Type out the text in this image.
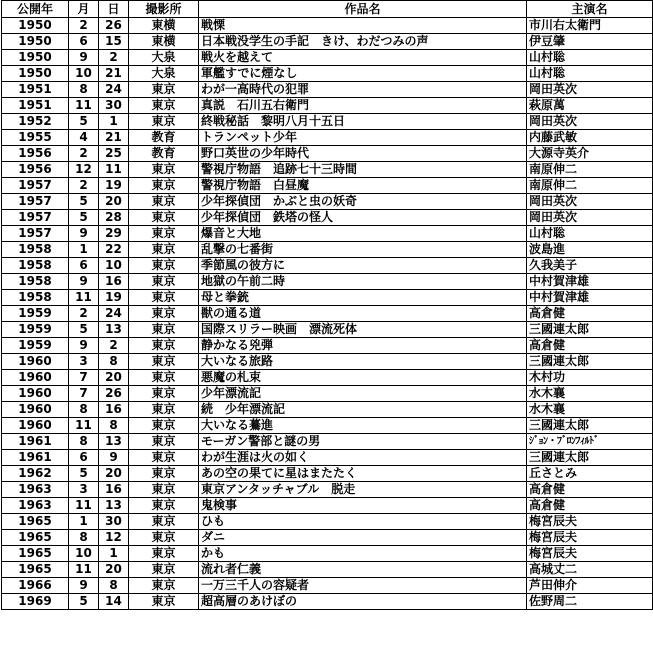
公開年	月	日	撮影所	作品名	主演名
1950	2	26	東横	戦慄	市川右太衛門
1950	6	15	東横	日本戦没学生の手記　きけ、わだつみの声	伊豆肇
1950	9	2	大泉	戦火を越えて	山村聡
1950	10	21	大泉	軍艦すでに煙なし	山村聡
1951	8	24	東京	わが一高時代の犯罪	岡田英次
1951	11	30	東京	真説　石川五右衛門	萩原萬
1952	5	1	東京	終戦秘話　黎明八月十五日	岡田英次
1955	4	21	教育	トランペット少年	内藤武敏
1956	2	25	教育	野口英世の少年時代	大源寺英介
1956	12	11	東京	警視庁物語　追跡七十三時間	南原伸二
1957	2	19	東京	警視庁物語　白昼魔	南原伸二
1957	5	20	東京	少年探偵団　かぶと虫の妖奇	岡田英次
1957	5	28	東京	少年探偵団　鉄塔の怪人	岡田英次
1957	9	29	東京	爆音と大地	山村聡
1958	1	22	東京	乱撃の七番街	波島進
1958	6	10	東京	季節風の彼方に	久我美子
1958	9	16	東京	地獄の午前二時	中村賀津雄
1958	11	19	東京	母と拳銃	中村賀津雄
1959	2	24	東京	獣の通る道	高倉健
1959	5	13	東京	国際スリラー映画　漂流死体	三國連太郎
1959	9	2	東京	静かなる兇弾	高倉健
1960	3	8	東京	大いなる旅路	三國連太郎
1960	7	20	東京	悪魔の札束	木村功
1960	7	26	東京	少年漂流記	水木襄
1960	8	16	東京	続　少年漂流記	水木襄
1960	11	8	東京	大いなる驀進	三國連太郎
1961	8	13	東京	モーガン警部と謎の男	ｼﾞｮﾝ・ﾌﾞﾛﾝﾌｨﾙﾄﾞ
1961	6	9	東京	わが生涯は火の如く	三國連太郎
1962	5	20	東京	あの空の果てに星はまたたく	丘さとみ
1963	3	16	東京	東京アンタッチャブル　脱走	高倉健
1963	11	13	東京	鬼検事	高倉健
1965	1	30	東京	ひも	梅宮辰夫
1965	8	12	東京	ダニ	梅宮辰夫
1965	10	1	東京	かも	梅宮辰夫
1965	11	20	東京	流れ者仁義	高城丈二
1966	9	8	東京	一万三千人の容疑者	芦田伸介
1969	5	14	東京	超高層のあけぼの	佐野周二
